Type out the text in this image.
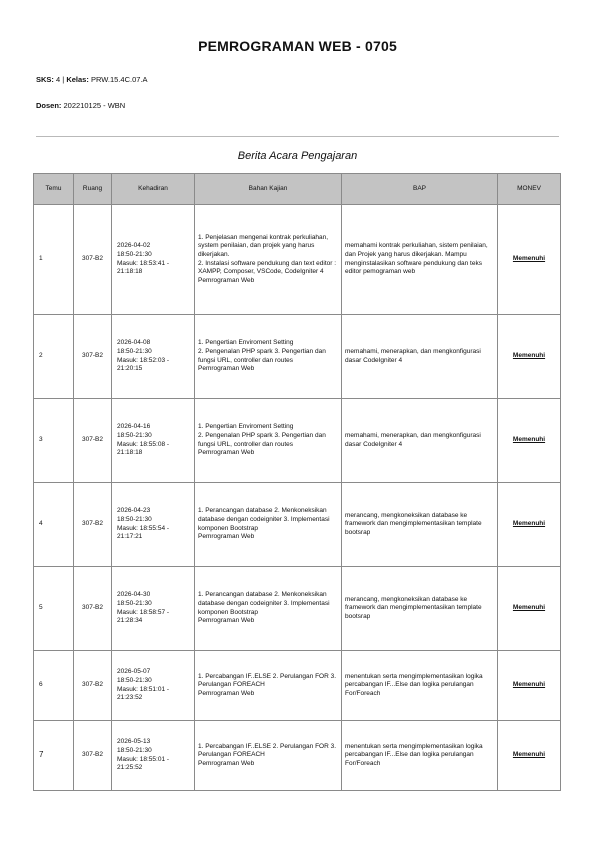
PEMROGRAMAN WEB - 0705
SKS: 4 | Kelas: PRW.15.4C.07.A
Dosen: 202210125 - WBN
Berita Acara Pengajaran
Temu	Ruang	Kehadiran	Bahan Kajian	BAP	MONEV
1	307-B2	2026-04-02
18:50-21:30
Masuk: 18:53:41 -
21:18:18	1. Penjelasan mengenai kontrak perkuliahan, system penilaian, dan projek yang harus dikerjakan.
2. Instalasi software pendukung dan text editor : XAMPP, Composer, VSCode, CodeIgniter 4
Pemrograman Web	memahami kontrak perkuliahan, sistem penilaian, dan Projek yang harus dikerjakan. Mampu menginstalasikan software pendukung dan teks editor pemograman web	Memenuhi
2	307-B2	2026-04-08
18:50-21:30
Masuk: 18:52:03 -
21:20:15	1. Pengertian Enviroment Setting
2. Pengenalan PHP spark 3. Pengertian dan fungsi URL, controller dan routes
Pemrograman Web	memahami, menerapkan, dan mengkonfigurasi dasar CodeIgniter 4	Memenuhi
3	307-B2	2026-04-16
18:50-21:30
Masuk: 18:55:08 -
21:18:18	1. Pengertian Enviroment Setting
2. Pengenalan PHP spark 3. Pengertian dan fungsi URL, controller dan routes
Pemrograman Web	memahami, menerapkan, dan mengkonfigurasi dasar CodeIgniter 4	Memenuhi
4	307-B2	2026-04-23
18:50-21:30
Masuk: 18:55:54 -
21:17:21	1. Perancangan database 2. Menkoneksikan database dengan codeigniter 3. Implementasi komponen Bootstrap
Pemrograman Web	merancang, mengkoneksikan database ke framework dan mengimplementasikan template bootsrap	Memenuhi
5	307-B2	2026-04-30
18:50-21:30
Masuk: 18:58:57 -
21:28:34	1. Perancangan database 2. Menkoneksikan database dengan codeigniter 3. Implementasi komponen Bootstrap
Pemrograman Web	merancang, mengkoneksikan database ke framework dan mengimplementasikan template bootsrap	Memenuhi
6	307-B2	2026-05-07
18:50-21:30
Masuk: 18:51:01 -
21:23:52	1. Percabangan IF..ELSE 2. Perulangan FOR 3. Perulangan FOREACH
Pemrograman Web	menentukan serta mengimplementasikan logika percabangan IF...Else dan logika perulangan For/Foreach	Memenuhi
7	307-B2	2026-05-13
18:50-21:30
Masuk: 18:55:01 -
21:25:52	1. Percabangan IF..ELSE 2. Perulangan FOR 3. Perulangan FOREACH
Pemrograman Web	menentukan serta mengimplementasikan logika percabangan IF...Else dan logika perulangan For/Foreach	Memenuhi
